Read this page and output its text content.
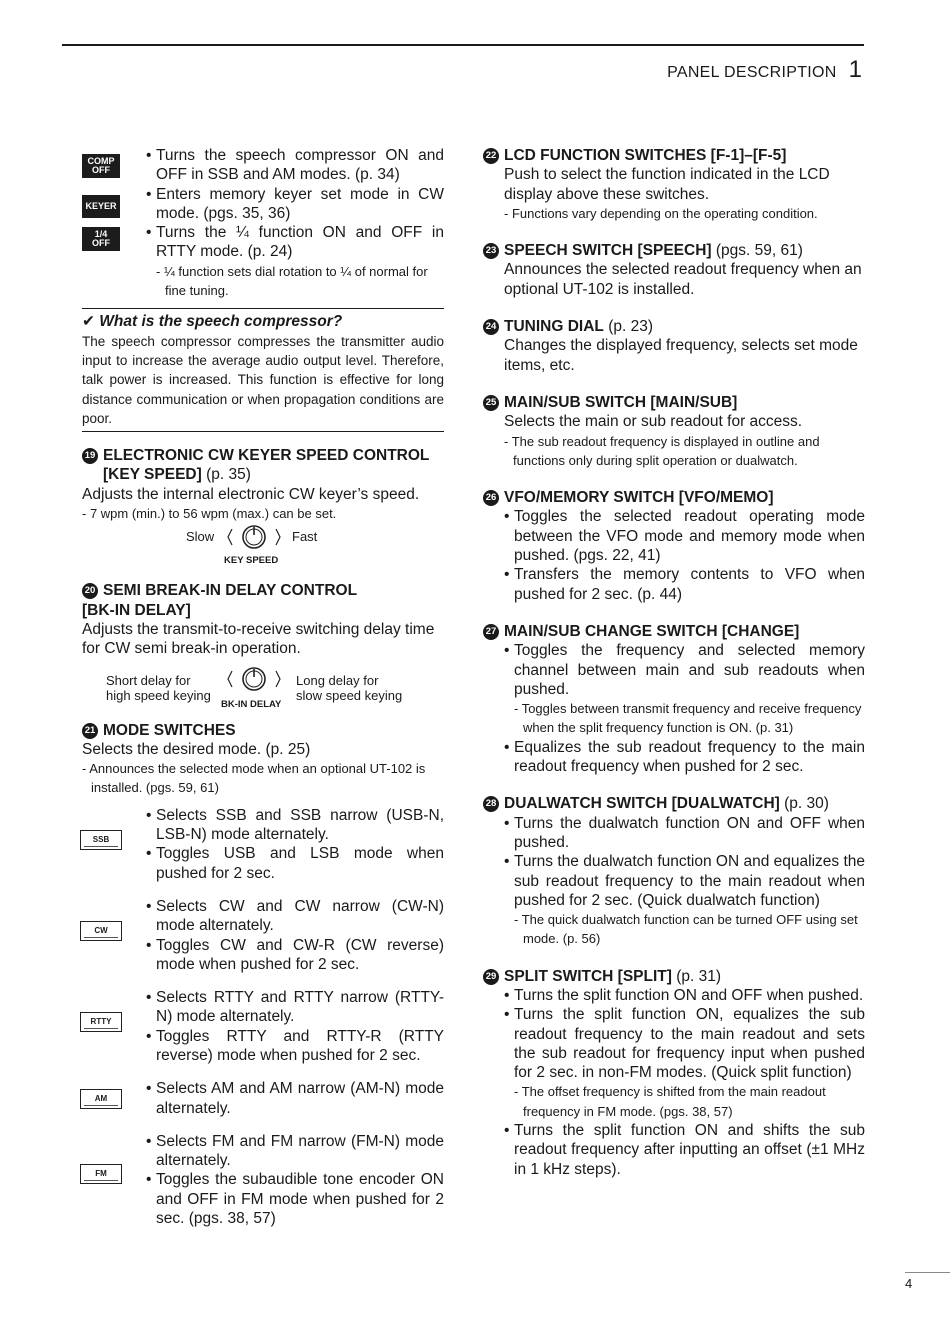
PANEL DESCRIPTION 1
COMP
OFF
• Turns the speech compressor ON and OFF in SSB and AM modes. (p. 34)
KEYER
• Enters memory keyer set mode in CW mode. (pgs. 35, 36)
1/4
OFF
• Turns the ¼ function ON and OFF in RTTY mode. (p. 24)
- ¼ function sets dial rotation to ¼ of normal for fine tuning.
✔ What is the speech compressor?
The speech compressor compresses the transmitter audio input to increase the average audio output level. Therefore, talk power is increased. This function is effective for long distance communication or when propagation conditions are poor.
19 ELECTRONIC CW KEYER SPEED CONTROL [KEY SPEED] (p. 35)
Adjusts the internal electronic CW keyer’s speed.
- 7 wpm (min.) to 56 wpm (max.) can be set.
Slow	Fast
KEY SPEED
20 SEMI BREAK-IN DELAY CONTROL
[BK-IN DELAY]
Adjusts the transmit-to-receive switching delay time for CW semi break-in operation.
Short delay for
high speed keying
Long delay for
slow speed keying
BK-IN DELAY
21 MODE SWITCHES
Selects the desired mode. (p. 25)
- Announces the selected mode when an optional UT-102 is installed. (pgs. 59, 61)
SSB
• Selects SSB and SSB narrow (USB-N, LSB-N) mode alternately.
• Toggles USB and LSB mode when pushed for 2 sec.
CW
• Selects CW and CW narrow (CW-N) mode alternately.
• Toggles CW and CW-R (CW reverse) mode when pushed for 2 sec.
RTTY
• Selects RTTY and RTTY narrow (RTTY-N) mode alternately.
• Toggles RTTY and RTTY-R (RTTY reverse) mode when pushed for 2 sec.
AM
• Selects AM and AM narrow (AM-N) mode alternately.
FM
• Selects FM and FM narrow (FM-N) mode alternately.
• Toggles the subaudible tone encoder ON and OFF in FM mode when pushed for 2 sec. (pgs. 38, 57)
22 LCD FUNCTION SWITCHES [F-1]–[F-5]
Push to select the function indicated in the LCD display above these switches.
- Functions vary depending on the operating condition.
23 SPEECH SWITCH [SPEECH] (pgs. 59, 61)
Announces the selected readout frequency when an optional UT-102 is installed.
24 TUNING DIAL (p. 23)
Changes the displayed frequency, selects set mode items, etc.
25 MAIN/SUB SWITCH [MAIN/SUB]
Selects the main or sub readout for access.
- The sub readout frequency is displayed in outline and functions only during split operation or dualwatch.
26 VFO/MEMORY SWITCH [VFO/MEMO]
• Toggles the selected readout operating mode between the VFO mode and memory mode when pushed. (pgs. 22, 41)
• Transfers the memory contents to VFO when pushed for 2 sec. (p. 44)
27 MAIN/SUB CHANGE SWITCH [CHANGE]
• Toggles the frequency and selected memory channel between main and sub readouts when pushed.
- Toggles between transmit frequency and receive frequency when the split frequency function is ON. (p. 31)
• Equalizes the sub readout frequency to the main readout frequency when pushed for 2 sec.
28 DUALWATCH SWITCH [DUALWATCH] (p. 30)
• Turns the dualwatch function ON and OFF when pushed.
• Turns the dualwatch function ON and equalizes the sub readout frequency to the main readout when pushed for 2 sec. (Quick dualwatch function)
- The quick dualwatch function can be turned OFF using set mode. (p. 56)
29 SPLIT SWITCH [SPLIT] (p. 31)
• Turns the split function ON and OFF when pushed.
• Turns the split function ON, equalizes the sub readout frequency to the main readout and sets the sub readout for frequency input when pushed for 2 sec. in non-FM modes. (Quick split function)
- The offset frequency is shifted from the main readout frequency in FM mode. (pgs. 38, 57)
• Turns the split function ON and shifts the sub readout frequency after inputting an offset (±1 MHz in 1 kHz steps).
4
